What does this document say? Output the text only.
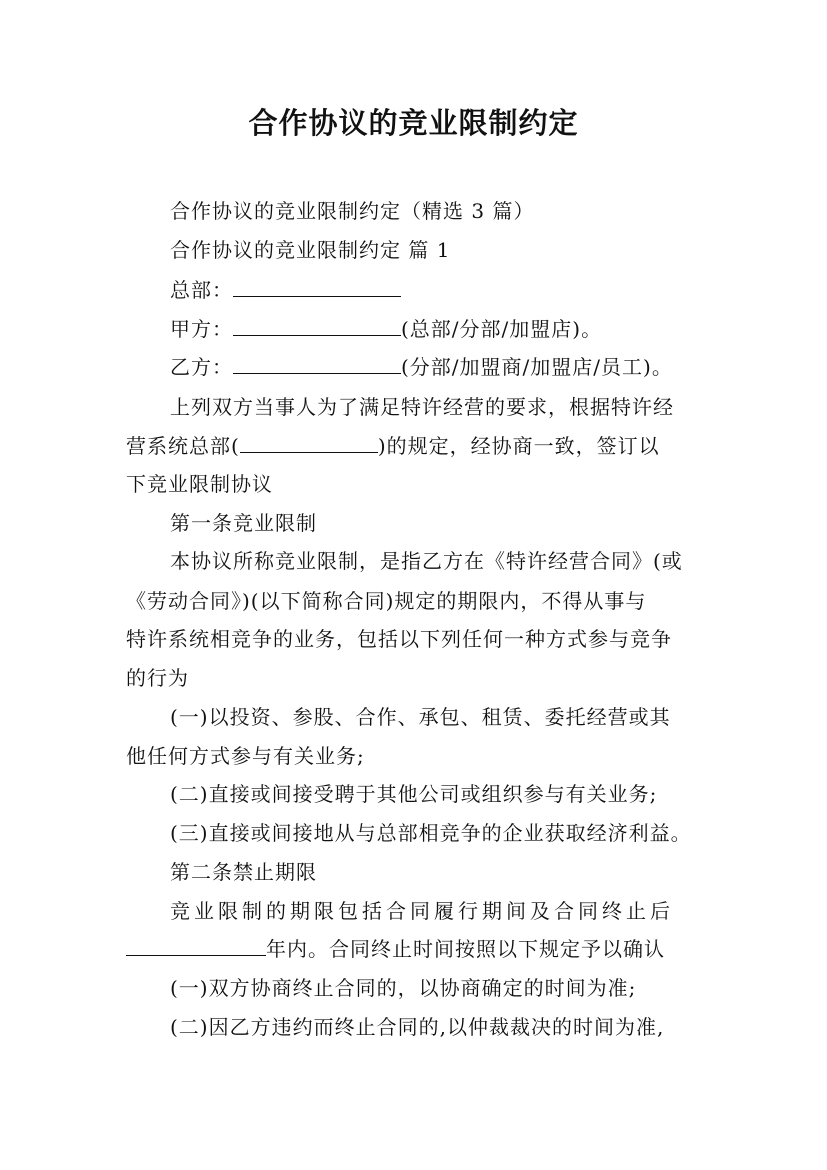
合作协议的竞业限制约定
合作协议的竞业限制约定（精选 3 篇）
合作协议的竞业限制约定 篇 1
总部：
甲方：	(总部/分部/加盟店)。
乙方：	(分部/加盟商/加盟店/员工)。
上列双方当事人为了满足特许经营的要求，根据特许经
营系统总部(	)的规定，经协商一致，签订以
下竞业限制协议
第一条竞业限制
本协议所称竞业限制，是指乙方在《特许经营合同》(或
《劳动合同》)(以下简称合同)规定的期限内，不得从事与
特许系统相竞争的业务，包括以下列任何一种方式参与竞争
的行为
(一)以投资、参股、合作、承包、租赁、委托经营或其
他任何方式参与有关业务;
(二)直接或间接受聘于其他公司或组织参与有关业务;
(三)直接或间接地从与总部相竞争的企业获取经济利益。
第二条禁止期限
竞业限制的期限包括合同履行期间及合同终止后
年内。合同终止时间按照以下规定予以确认
(一)双方协商终止合同的，以协商确定的时间为准;
(二)因乙方违约而终止合同的,以仲裁裁决的时间为准,
